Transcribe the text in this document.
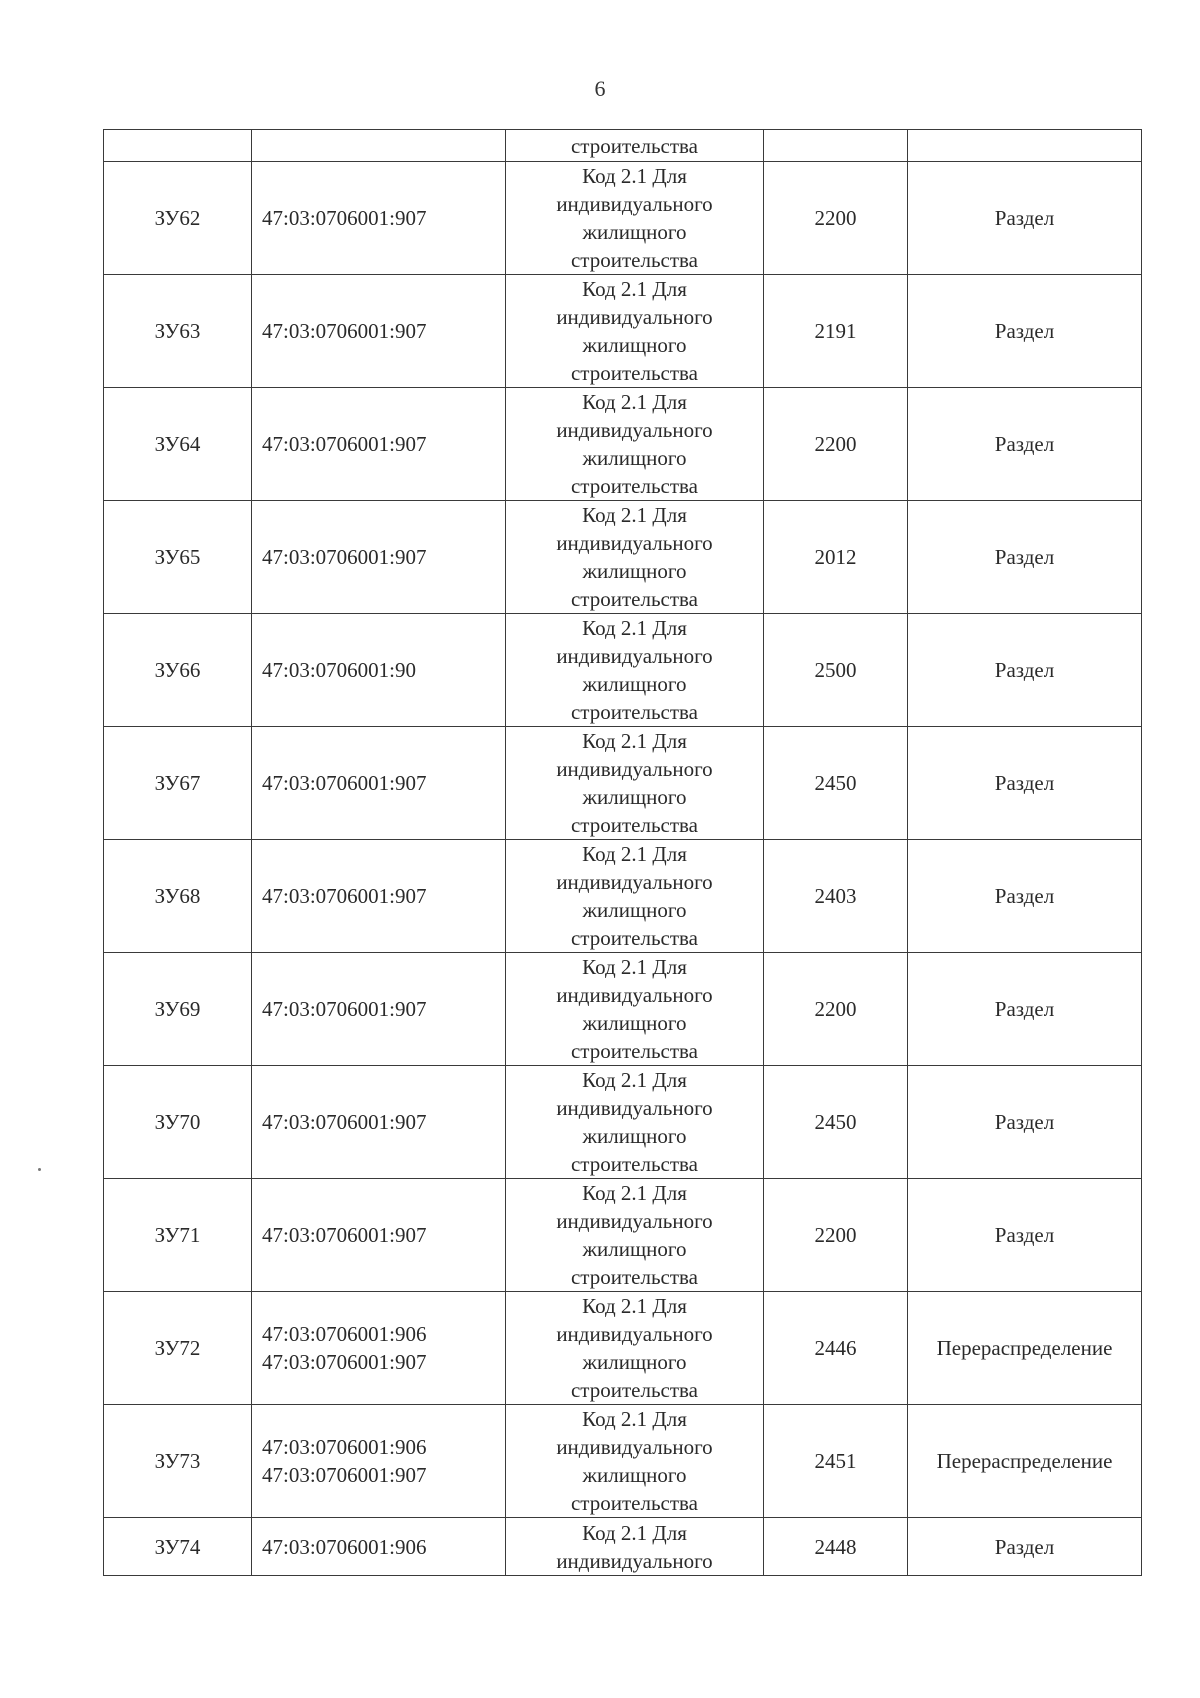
6
		строительства		
ЗУ62	47:03:0706001:907	Код 2.1 Для
индивидуального
жилищного
строительства	2200	Раздел
ЗУ63	47:03:0706001:907	Код 2.1 Для
индивидуального
жилищного
строительства	2191	Раздел
ЗУ64	47:03:0706001:907	Код 2.1 Для
индивидуального
жилищного
строительства	2200	Раздел
ЗУ65	47:03:0706001:907	Код 2.1 Для
индивидуального
жилищного
строительства	2012	Раздел
ЗУ66	47:03:0706001:90	Код 2.1 Для
индивидуального
жилищного
строительства	2500	Раздел
ЗУ67	47:03:0706001:907	Код 2.1 Для
индивидуального
жилищного
строительства	2450	Раздел
ЗУ68	47:03:0706001:907	Код 2.1 Для
индивидуального
жилищного
строительства	2403	Раздел
ЗУ69	47:03:0706001:907	Код 2.1 Для
индивидуального
жилищного
строительства	2200	Раздел
ЗУ70	47:03:0706001:907	Код 2.1 Для
индивидуального
жилищного
строительства	2450	Раздел
ЗУ71	47:03:0706001:907	Код 2.1 Для
индивидуального
жилищного
строительства	2200	Раздел
ЗУ72	47:03:0706001:906
47:03:0706001:907	Код 2.1 Для
индивидуального
жилищного
строительства	2446	Перераспределение
ЗУ73	47:03:0706001:906
47:03:0706001:907	Код 2.1 Для
индивидуального
жилищного
строительства	2451	Перераспределение
ЗУ74	47:03:0706001:906	Код 2.1 Для
индивидуального	2448	Раздел
